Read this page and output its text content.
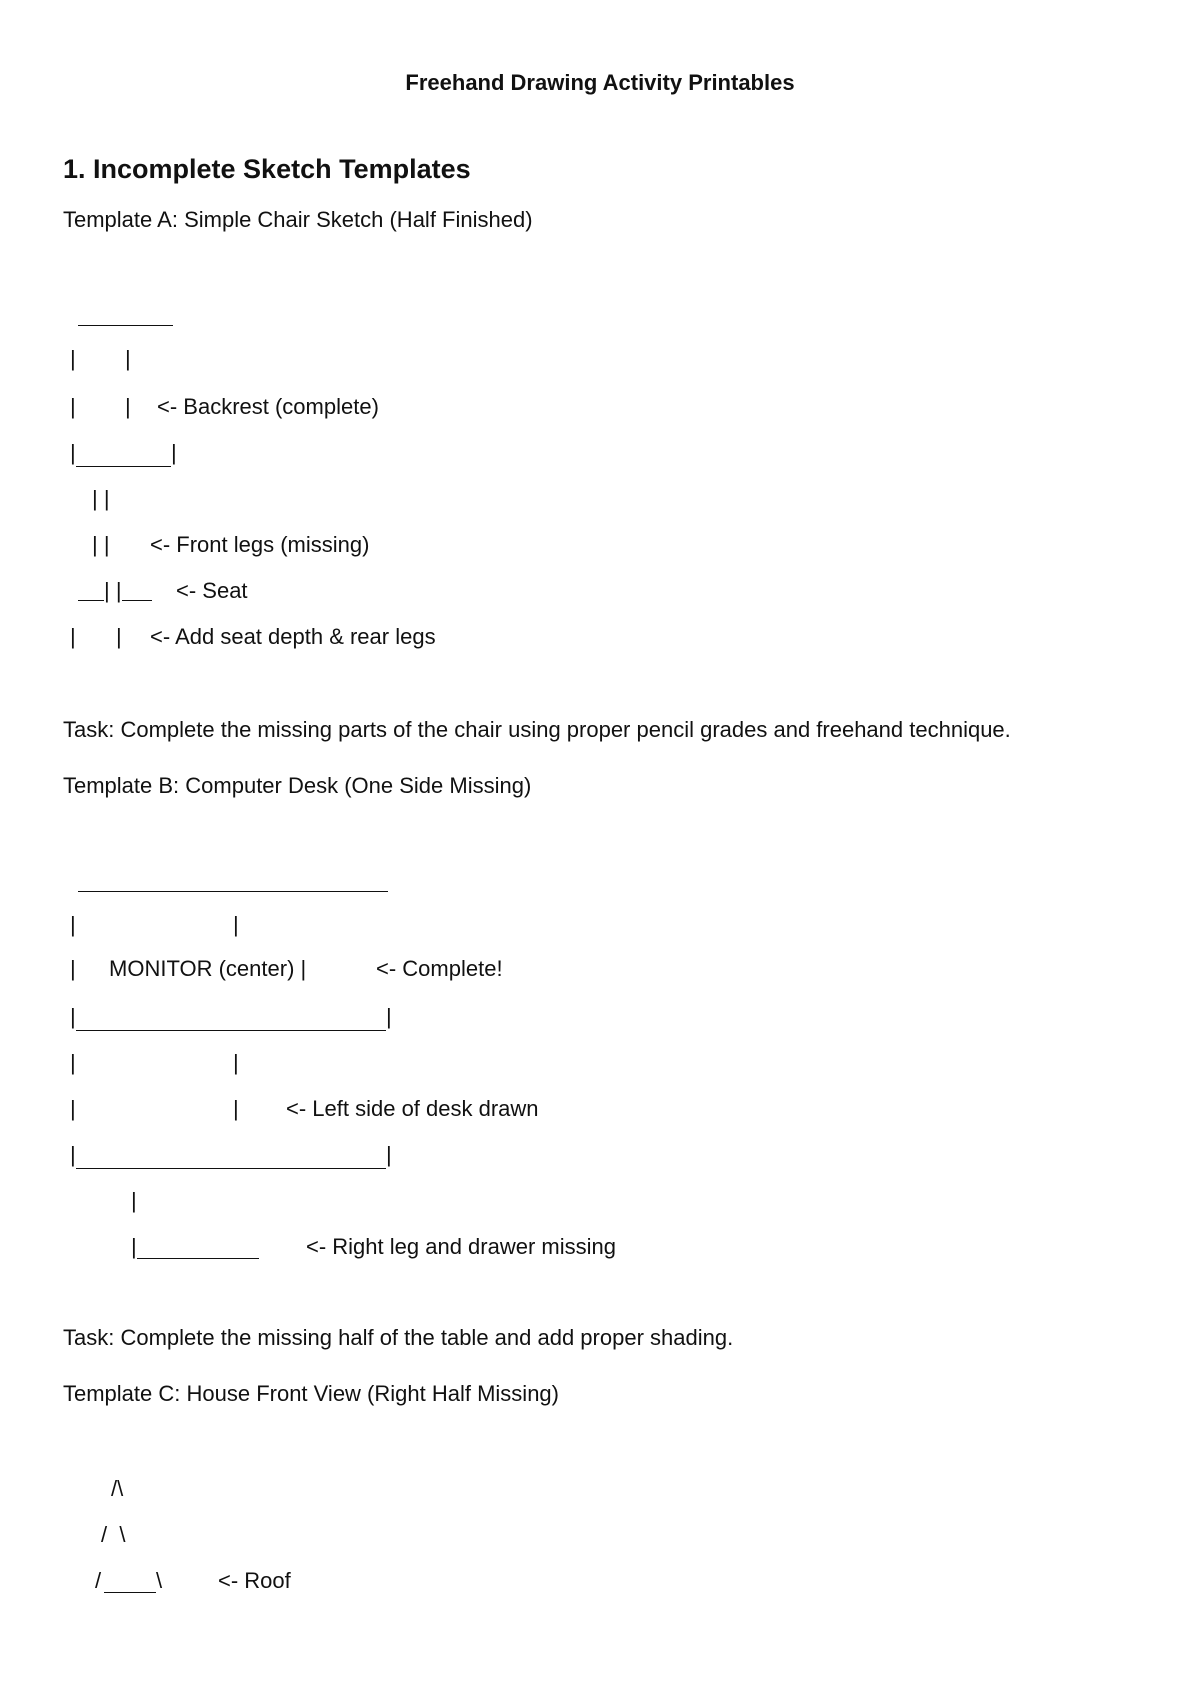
Freehand Drawing Activity Printables
1. Incomplete Sketch Templates

Template A: Simple Chair Sketch (Half Finished)

| |
| | <- Backrest (complete)
|	|
| |
| | <- Front legs (missing)
| | <- Seat
| | <- Add seat depth & rear legs

Task: Complete the missing parts of the chair using proper pencil grades and freehand technique.

Template B: Computer Desk (One Side Missing)

|	|
| MONITOR (center) |	<- Complete!
|	|
|	|
|	| <- Left side of desk drawn
|	|
|
|	<- Right leg and drawer missing

Task: Complete the missing half of the table and add proper shading.

Template C: House Front View (Right Half Missing)

/\
/  \
/ \	<- Roof
